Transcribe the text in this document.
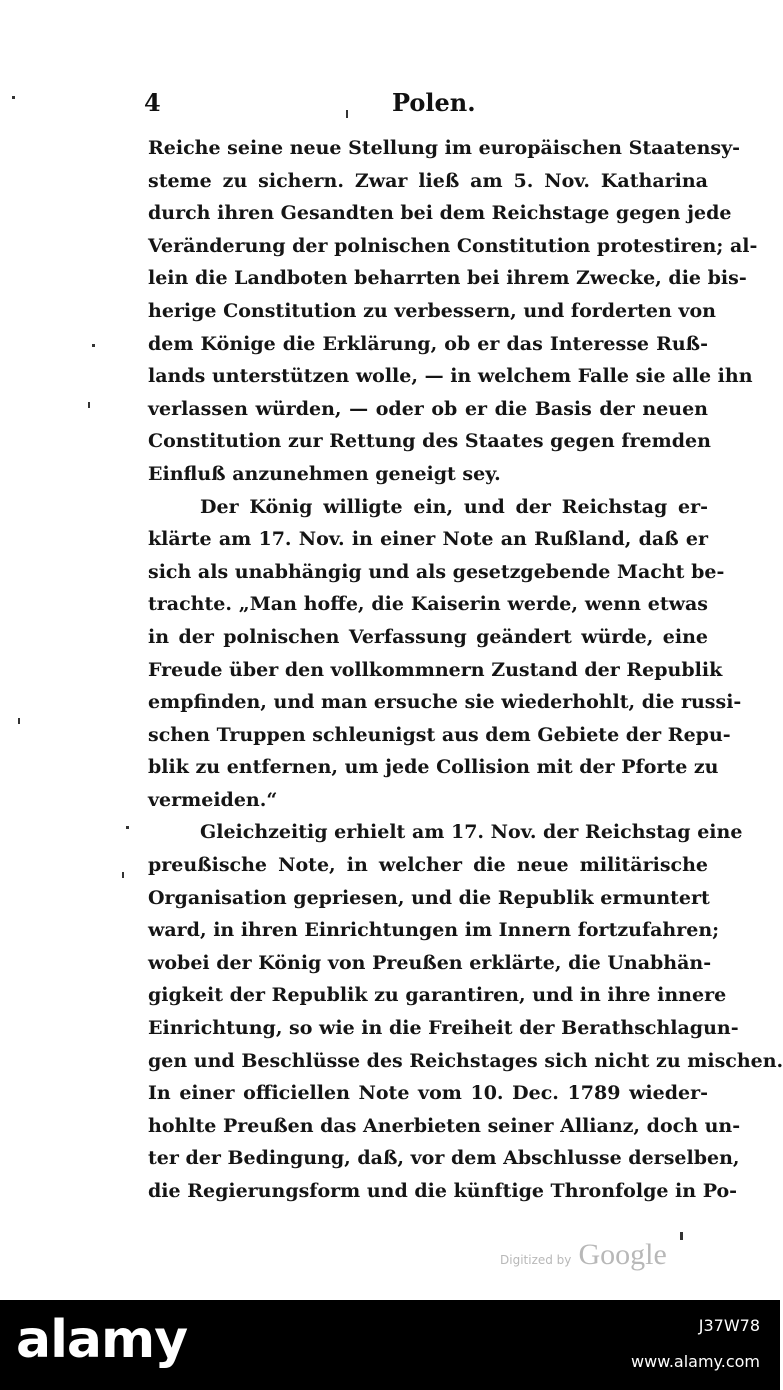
4	Polen.
Reiche seine neue Stellung im europäischen Staatensy-
steme zu sichern. Zwar ließ am 5. Nov. Katharina
durch ihren Gesandten bei dem Reichstage gegen jede
Veränderung der polnischen Constitution protestiren; al-
lein die Landboten beharrten bei ihrem Zwecke, die bis-
herige Constitution zu verbessern, und forderten von
dem Könige die Erklärung, ob er das Interesse Ruß-
lands unterstützen wolle, — in welchem Falle sie alle ihn
verlassen würden, — oder ob er die Basis der neuen
Constitution zur Rettung des Staates gegen fremden
Einfluß anzunehmen geneigt sey.
Der König willigte ein, und der Reichstag er-
klärte am 17. Nov. in einer Note an Rußland, daß er
sich als unabhängig und als gesetzgebende Macht be-
trachte. „Man hoffe, die Kaiserin werde, wenn etwas
in der polnischen Verfassung geändert würde, eine
Freude über den vollkommnern Zustand der Republik
empfinden, und man ersuche sie wiederhohlt, die russi-
schen Truppen schleunigst aus dem Gebiete der Repu-
blik zu entfernen, um jede Collision mit der Pforte zu
vermeiden.“
Gleichzeitig erhielt am 17. Nov. der Reichstag eine
preußische Note, in welcher die neue militärische
Organisation gepriesen, und die Republik ermuntert
ward, in ihren Einrichtungen im Innern fortzufahren;
wobei der König von Preußen erklärte, die Unabhän-
gigkeit der Republik zu garantiren, und in ihre innere
Einrichtung, so wie in die Freiheit der Berathschlagun-
gen und Beschlüsse des Reichstages sich nicht zu mischen.
In einer officiellen Note vom 10. Dec. 1789 wieder-
hohlte Preußen das Anerbieten seiner Allianz, doch un-
ter der Bedingung, daß, vor dem Abschlusse derselben,
die Regierungsform und die künftige Thronfolge in Po-
Digitized by Google
alamy	J37W78
www.alamy.com
